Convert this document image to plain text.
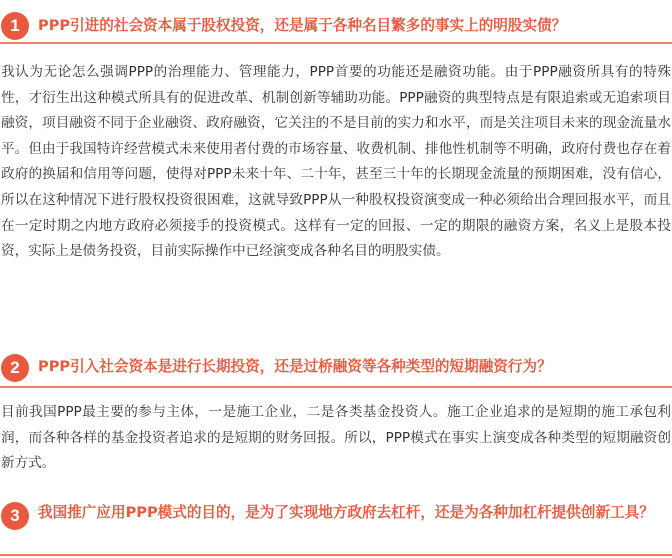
1	PPP引进的社会资本属于股权投资，还是属于各种名目繁多的事实上的明股实债？

我认为无论怎么强调PPP的治理能力、管理能力，PPP首要的功能还是融资功能。由于PPP融资所具有的特殊性，才衍生出这种模式所具有的促进改革、机制创新等辅助功能。PPP融资的典型特点是有限追索或无追索项目融资，项目融资不同于企业融资、政府融资，它关注的不是目前的实力和水平，而是关注项目未来的现金流量水平。但由于我国特许经营模式未来使用者付费的市场容量、收费机制、排他性机制等不明确，政府付费也存在着政府的换届和信用等问题，使得对PPP未来十年、二十年，甚至三十年的长期现金流量的预期困难，没有信心，所以在这种情况下进行股权投资很困难，这就导致PPP从一种股权投资演变成一种必须给出合理回报水平，而且在一定时期之内地方政府必须接手的投资模式。这样有一定的回报、一定的期限的融资方案，名义上是股本投资，实际上是债务投资，目前实际操作中已经演变成各种名目的明股实债。

2	PPP引入社会资本是进行长期投资，还是过桥融资等各种类型的短期融资行为？

目前我国PPP最主要的参与主体，一是施工企业，二是各类基金投资人。施工企业追求的是短期的施工承包利润，而各种各样的基金投资者追求的是短期的财务回报。所以，PPP模式在事实上演变成各种类型的短期融资创新方式。

3	我国推广应用PPP模式的目的，是为了实现地方政府去杠杆，还是为各种加杠杆提供创新工具？
